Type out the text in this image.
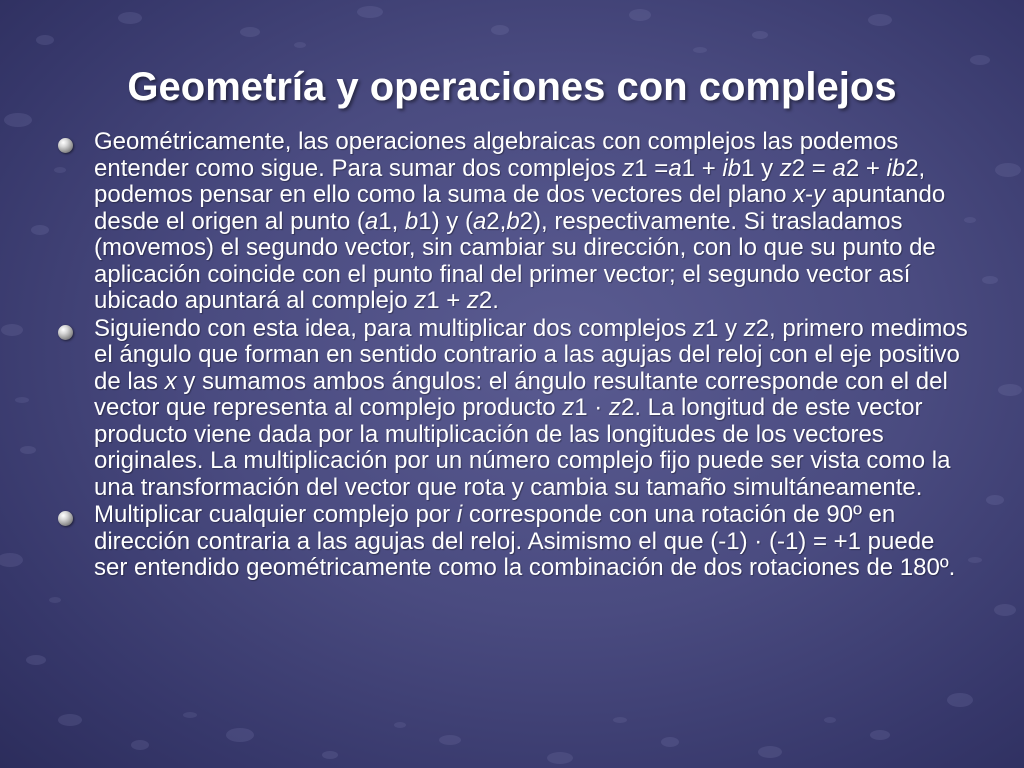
Geometría y operaciones con complejos

Geométricamente, las operaciones algebraicas con complejos las podemos entender como sigue. Para sumar dos complejos z1 =a1 + ib1 y z2 = a2 + ib2, podemos pensar en ello como la suma de dos vectores del plano x-y apuntando desde el origen al punto (a1, b1) y (a2,b2), respectivamente. Si trasladamos (movemos) el segundo vector, sin cambiar su dirección, con lo que su punto de aplicación coincide con el punto final del primer vector; el segundo vector así ubicado apuntará al complejo z1 + z2.

Siguiendo con esta idea, para multiplicar dos complejos z1 y z2, primero medimos el ángulo que forman en sentido contrario a las agujas del reloj con el eje positivo de las x y sumamos ambos ángulos: el ángulo resultante corresponde con el del vector que representa al complejo producto z1 · z2. La longitud de este vector producto viene dada por la multiplicación de las longitudes de los vectores originales. La multiplicación por un número complejo fijo puede ser vista como la una transformación del vector que rota y cambia su tamaño simultáneamente.

Multiplicar cualquier complejo por i corresponde con una rotación de 90º en dirección contraria a las agujas del reloj. Asimismo el que (-1) · (-1) = +1 puede ser entendido geométricamente como la combinación de dos rotaciones de 180º.
